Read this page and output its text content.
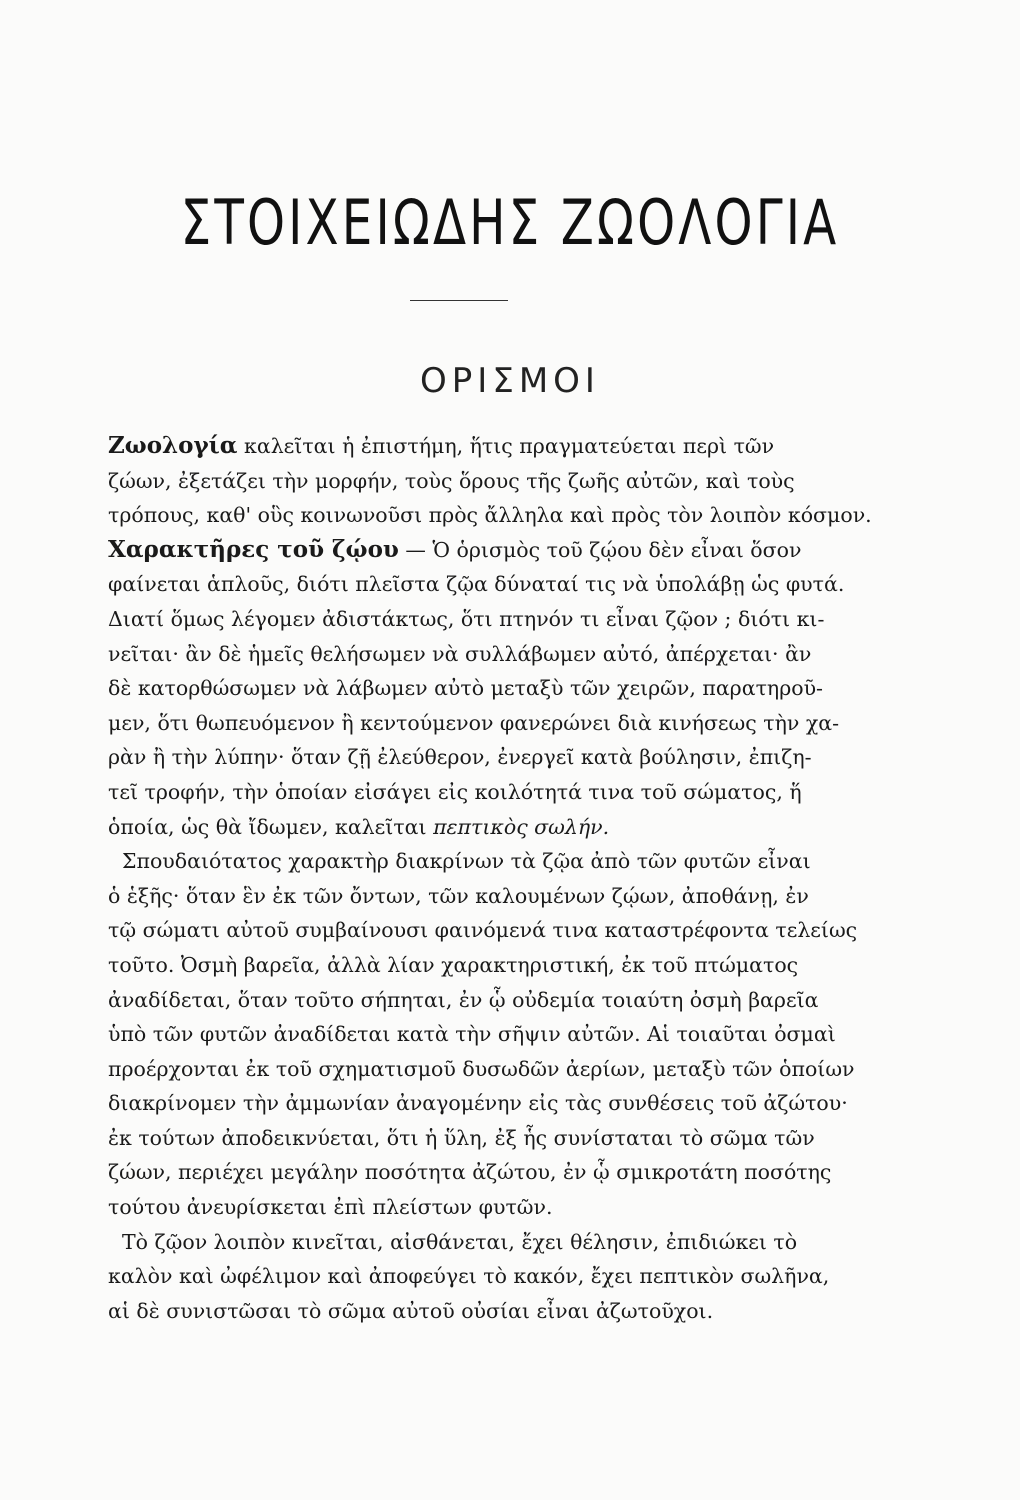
ΣΤΟΙΧΕΙΩΔΗΣ ΖΩΟΛΟΓΙΑ
ΟΡΙΣΜΟΙ
Ζωολογία καλεῖται ἡ ἐπιστήμη, ἥτις πραγματεύεται περὶ τῶν
ζώων, ἐξετάζει τὴν μορφήν, τοὺς ὅρους τῆς ζωῆς αὐτῶν, καὶ τοὺς
τρόπους, καθ' οὓς κοινωνοῦσι πρὸς ἄλληλα καὶ πρὸς τὸν λοιπὸν κόσμον.
Χαρακτῆρες τοῦ ζῴου — Ὁ ὁρισμὸς τοῦ ζῴου δὲν εἶναι ὅσον
φαίνεται ἁπλοῦς, διότι πλεῖστα ζῷα δύναταί τις νὰ ὑπολάβῃ ὡς φυτά.
Διατί ὅμως λέγομεν ἀδιστάκτως, ὅτι πτηνόν τι εἶναι ζῷον ; διότι κι-
νεῖται· ἂν δὲ ἡμεῖς θελήσωμεν νὰ συλλάβωμεν αὐτό, ἀπέρχεται· ἂν
δὲ κατορθώσωμεν νὰ λάβωμεν αὐτὸ μεταξὺ τῶν χειρῶν, παρατηροῦ-
μεν, ὅτι θωπευόμενον ἢ κεντούμενον φανερώνει διὰ κινήσεως τὴν χα-
ρὰν ἢ τὴν λύπην· ὅταν ζῇ ἐλεύθερον, ἐνεργεῖ κατὰ βούλησιν, ἐπιζη-
τεῖ τροφήν, τὴν ὁποίαν εἰσάγει εἰς κοιλότητά τινα τοῦ σώματος, ἥ
ὁποία, ὡς θὰ ἴδωμεν, καλεῖται πεπτικὸς σωλήν.
Σπουδαιότατος χαρακτὴρ διακρίνων τὰ ζῷα ἀπὸ τῶν φυτῶν εἶναι
ὁ ἑξῆς· ὅταν ἓν ἐκ τῶν ὄντων, τῶν καλουμένων ζῴων, ἀποθάνῃ, ἐν
τῷ σώματι αὐτοῦ συμβαίνουσι φαινόμενά τινα καταστρέφοντα τελείως
τοῦτο. Ὀσμὴ βαρεῖα, ἀλλὰ λίαν χαρακτηριστική, ἐκ τοῦ πτώματος
ἀναδίδεται, ὅταν τοῦτο σήπηται, ἐν ᾧ οὐδεμία τοιαύτη ὀσμὴ βαρεῖα
ὑπὸ τῶν φυτῶν ἀναδίδεται κατὰ τὴν σῆψιν αὐτῶν. Αἱ τοιαῦται ὀσμαὶ
προέρχονται ἐκ τοῦ σχηματισμοῦ δυσωδῶν ἀερίων, μεταξὺ τῶν ὁποίων
διακρίνομεν τὴν ἀμμωνίαν ἀναγομένην εἰς τὰς συνθέσεις τοῦ ἀζώτου·
ἐκ τούτων ἀποδεικνύεται, ὅτι ἡ ὕλη, ἐξ ἧς συνίσταται τὸ σῶμα τῶν
ζώων, περιέχει μεγάλην ποσότητα ἀζώτου, ἐν ᾧ σμικροτάτη ποσότης
τούτου ἀνευρίσκεται ἐπὶ πλείστων φυτῶν.
Τὸ ζῷον λοιπὸν κινεῖται, αἰσθάνεται, ἔχει θέλησιν, ἐπιδιώκει τὸ
καλὸν καὶ ὠφέλιμον καὶ ἀποφεύγει τὸ κακόν, ἔχει πεπτικὸν σωλῆνα,
αἱ δὲ συνιστῶσαι τὸ σῶμα αὐτοῦ οὐσίαι εἶναι ἀζωτοῦχοι.
